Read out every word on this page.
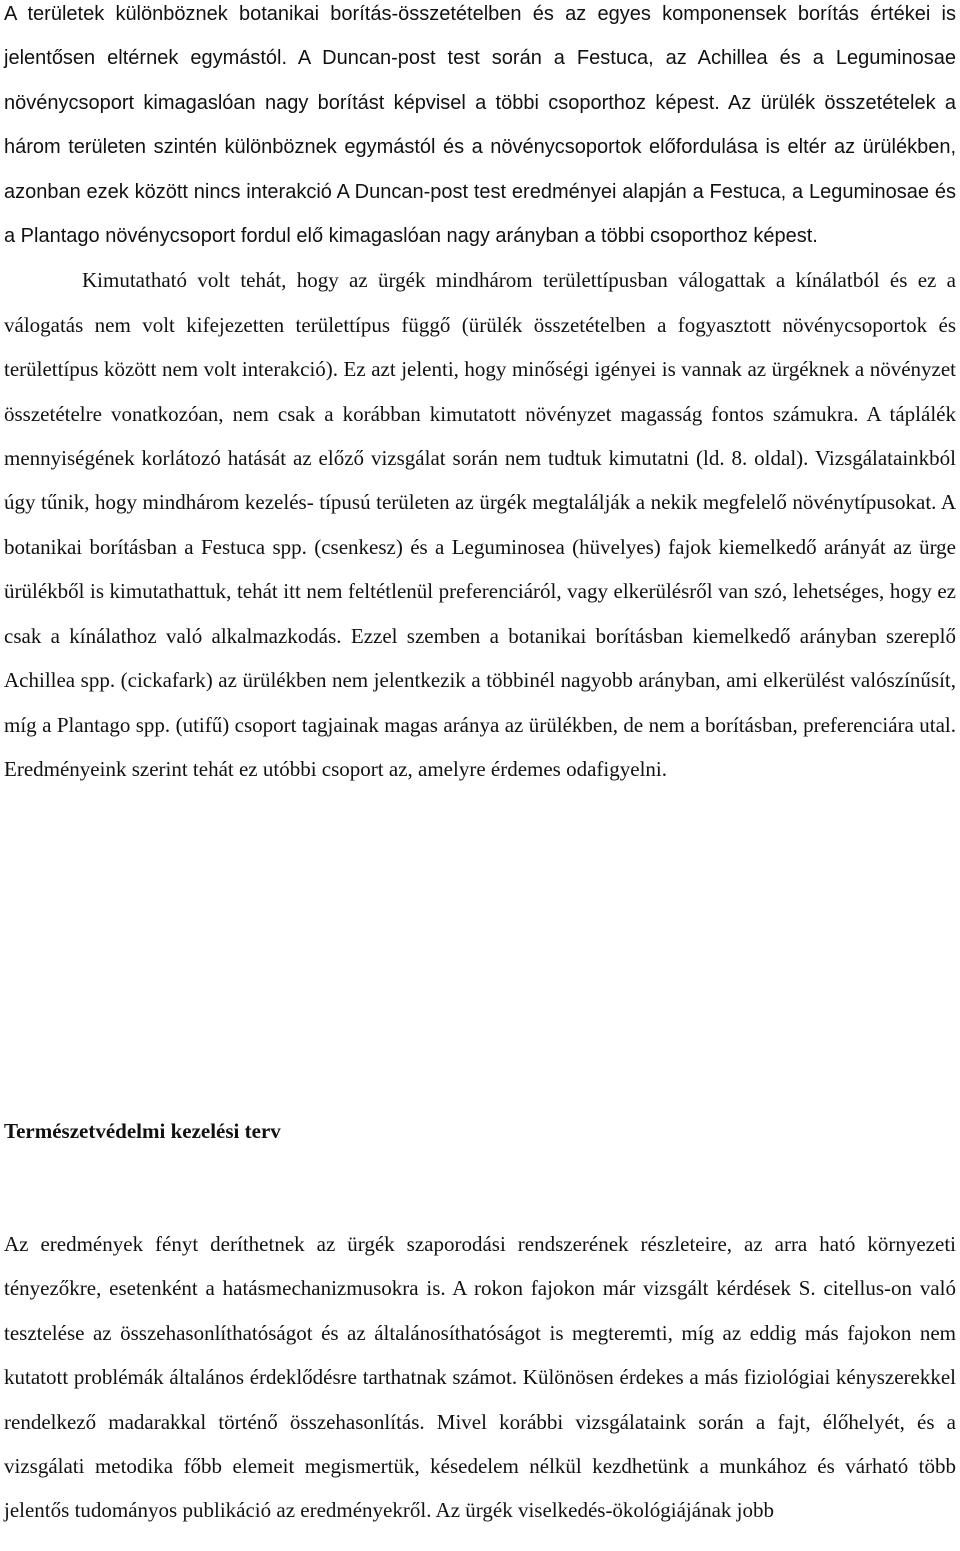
A területek különböznek botanikai borítás-összetételben és az egyes komponensek borítás értékei is jelentősen eltérnek egymástól. A Duncan-post test során a Festuca, az Achillea és a Leguminosae növénycsoport kimagaslóan nagy borítást képvisel a többi csoporthoz képest. Az ürülék összetételek a három területen szintén különböznek egymástól és a növénycsoportok előfordulása is eltér az ürülékben, azonban ezek között nincs interakció A Duncan-post test eredményei alapján a Festuca, a Leguminosae és a Plantago növénycsoport fordul elő kimagaslóan nagy arányban a többi csoporthoz képest.

Kimutatható volt tehát, hogy az ürgék mindhárom területtípusban válogattak a kínálatból és ez a válogatás nem volt kifejezetten területtípus függő (ürülék összetételben a fogyasztott növénycsoportok és területtípus között nem volt interakció). Ez azt jelenti, hogy minőségi igényei is vannak az ürgéknek a növényzet összetételre vonatkozóan, nem csak a korábban kimutatott növényzet magasság fontos számukra. A táplálék mennyiségének korlátozó hatását az előző vizsgálat során nem tudtuk kimutatni (ld. 8. oldal). Vizsgálatainkból úgy tűnik, hogy mindhárom kezelés- típusú területen az ürgék megtalálják a nekik megfelelő növénytípusokat. A botanikai borításban a Festuca spp. (csenkesz) és a Leguminosea (hüvelyes) fajok kiemelkedő arányát az ürge ürülékből is kimutathattuk, tehát itt nem feltétlenül preferenciáról, vagy elkerülésről van szó, lehetséges, hogy ez csak a kínálathoz való alkalmazkodás. Ezzel szemben a botanikai borításban kiemelkedő arányban szereplő Achillea spp. (cickafark) az ürülékben nem jelentkezik a többinél nagyobb arányban, ami elkerülést valószínűsít, míg a Plantago spp. (utifű) csoport tagjainak magas aránya az ürülékben, de nem a borításban, preferenciára utal. Eredményeink szerint tehát ez utóbbi csoport az, amelyre érdemes odafigyelni.

Természetvédelmi kezelési terv

Az eredmények fényt deríthetnek az ürgék szaporodási rendszerének részleteire, az arra ható környezeti tényezőkre, esetenként a hatásmechanizmusokra is. A rokon fajokon már vizsgált kérdések S. citellus-on való tesztelése az összehasonlíthatóságot és az általánosíthatóságot is megteremti, míg az eddig más fajokon nem kutatott problémák általános érdeklődésre tarthatnak számot. Különösen érdekes a más fiziológiai kényszerekkel rendelkező madarakkal történő összehasonlítás. Mivel korábbi vizsgálataink során a fajt, élőhelyét, és a vizsgálati metodika főbb elemeit megismertük, késedelem nélkül kezdhetünk a munkához és várható több jelentős tudományos publikáció az eredményekről. Az ürgék viselkedés-ökológiájának jobb
